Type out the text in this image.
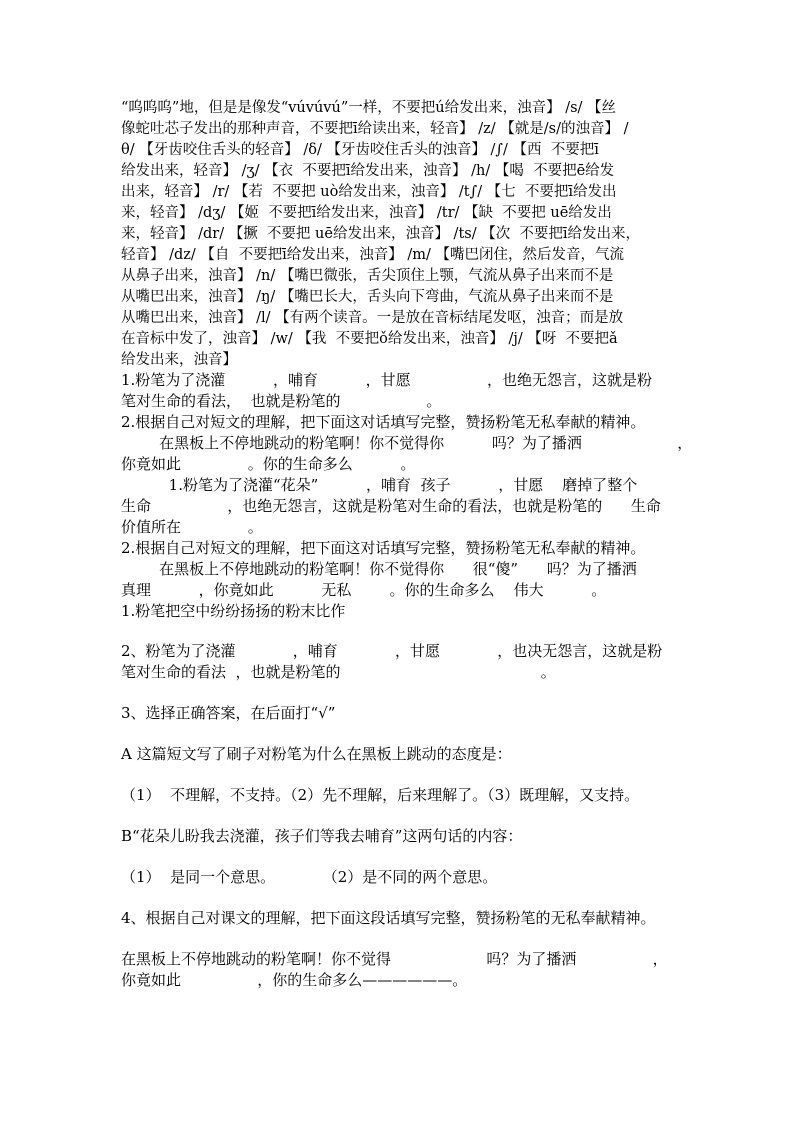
“呜呜呜”地，但是是像发“vúvúvú”一样，不要把ú给发出来，浊音】 /s/ 【丝
像蛇吐芯子发出的那种声音，不要把ī给读出来，轻音】 /z/ 【就是/s/的浊音】 /
θ/ 【牙齿咬住舌头的轻音】 /δ/ 【牙齿咬住舌头的浊音】 /∫/ 【西  不要把ī
给发出来，轻音】 /ʒ/ 【衣  不要把ī给发出来，浊音】 /h/ 【喝  不要把ē给发
出来，轻音】 /r/ 【若  不要把 uò给发出来，浊音】 /t∫/ 【七  不要把ī给发出
来，轻音】 /dʒ/ 【姬  不要把ī给发出来，浊音】 /tr/ 【缺  不要把 uē给发出
来，轻音】 /dr/ 【撅  不要把 uē给发出来，浊音】 /ts/ 【次  不要把ī给发出来，
轻音】 /dz/ 【自  不要把ī给发出来，浊音】 /m/ 【嘴巴闭住，然后发音，气流
从鼻子出来，浊音】 /n/ 【嘴巴微张，舌尖顶住上颚，气流从鼻子出来而不是
从嘴巴出来，浊音】 /ŋ/ 【嘴巴长大，舌头向下弯曲，气流从鼻子出来而不是
从嘴巴出来，浊音】 /l/ 【有两个读音。一是放在音标结尾发呕，浊音；而是放
在音标中发了，浊音】 /w/ 【我  不要把ǒ给发出来，浊音】 /j/ 【呀  不要把ǎ
给发出来，浊音】
1.粉笔为了浇灌          ，哺育          ，甘愿                ，也绝无怨言，这就是粉
笔对生命的看法，  也就是粉笔的                  。
2.根据自己对短文的理解，把下面这对话填写完整，赞扬粉笔无私奉献的精神。
在黑板上不停地跳动的粉笔啊！你不觉得你          吗？为了播洒                    ，
你竟如此              。你的生命多么          。
1.粉笔为了浇灌“花朵”          ，哺育  孩子          ，甘愿    磨掉了整个
生命                ，也绝无怨言，这就是粉笔对生命的看法，也就是粉笔的      生命
价值所在              。
2.根据自己对短文的理解，把下面这对话填写完整，赞扬粉笔无私奉献的精神。
在黑板上不停地跳动的粉笔啊！你不觉得你      很“傻”      吗？为了播洒
真理          ，你竟如此          无私        。你的生命多么    伟大          。
1.粉笔把空中纷纷扬扬的粉末比作
2、粉笔为了浇灌            ，哺育            ，甘愿            ，也决无怨言，这就是粉
笔对生命的看法  ，也就是粉笔的                                          。
3、选择正确答案，在后面打“√”
A 这篇短文写了刷子对粉笔为什么在黑板上跳动的态度是：
（1）  不理解，不支持。（2）先不理解，后来理解了。（3）既理解，又支持。
B“花朵儿盼我去浇灌，孩子们等我去哺育”这两句话的内容：
（1）  是同一个意思。          （2）是不同的两个意思。
4、根据自己对课文的理解，把下面这段话填写完整，赞扬粉笔的无私奉献精神。
在黑板上不停地跳动的粉笔啊！你不觉得                    吗？为了播洒                ，
你竟如此                ，你的生命多么——————。
